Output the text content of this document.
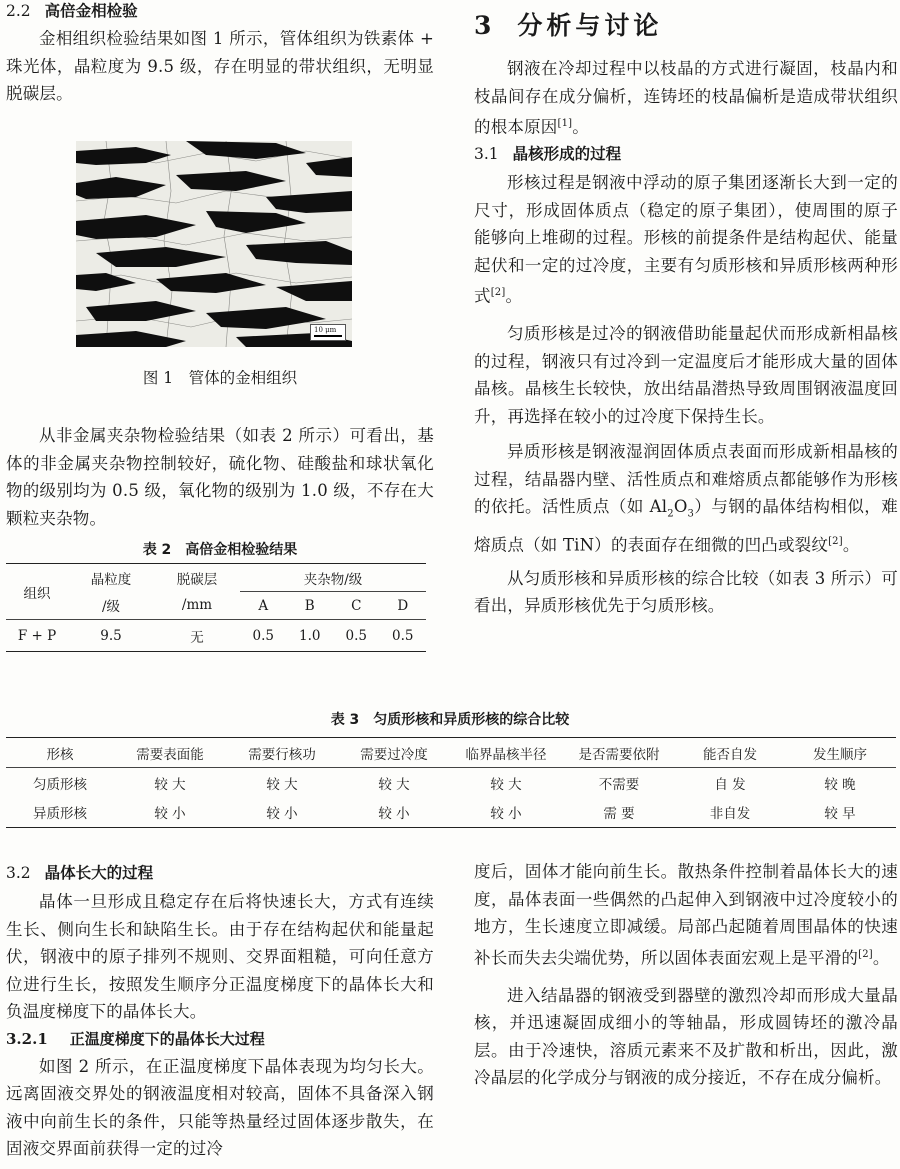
2.2 高倍金相检验

金相组织检验结果如图 1 所示，管体组织为铁素体 + 珠光体，晶粒度为 9.5 级，存在明显的带状组织，无明显脱碳层。

10 μm
图 1　管体的金相组织

从非金属夹杂物检验结果（如表 2 所示）可看出，基体的非金属夹杂物控制较好，硫化物、硅酸盐和球状氧化物的级别均为 0.5 级，氧化物的级别为 1.0 级，不存在大颗粒夹杂物。

表 2　高倍金相检验结果
组织	晶粒度	脱碳层	夹杂物/级			
	/级	/mm	A	B	C	D
F + P	9.5	无	0.5	1.0	0.5	0.5
3 分析与讨论

钢液在冷却过程中以枝晶的方式进行凝固，枝晶内和枝晶间存在成分偏析，连铸坯的枝晶偏析是造成带状组织的根本原因[1]。

3.1 晶核形成的过程

形核过程是钢液中浮动的原子集团逐渐长大到一定的尺寸，形成固体质点（稳定的原子集团），使周围的原子能够向上堆砌的过程。形核的前提条件是结构起伏、能量起伏和一定的过冷度，主要有匀质形核和异质形核两种形式[2]。

匀质形核是过冷的钢液借助能量起伏而形成新相晶核的过程，钢液只有过冷到一定温度后才能形成大量的固体晶核。晶核生长较快，放出结晶潜热导致周围钢液温度回升，再选择在较小的过冷度下保持生长。

异质形核是钢液湿润固体质点表面而形成新相晶核的过程，结晶器内壁、活性质点和难熔质点都能够作为形核的依托。活性质点（如 $Al_2O_3$）与钢的晶体结构相似，难熔质点（如 TiN）的表面存在细微的凹凸或裂纹[2]。

从匀质形核和异质形核的综合比较（如表 3 所示）可看出，异质形核优先于匀质形核。

表 3　匀质形核和异质形核的综合比较
形核	需要表面能	需要行核功	需要过冷度	临界晶核半径	是否需要依附	能否自发	发生顺序
匀质形核	较 大	较 大	较 大	较 大	不需要	自 发	较 晚
异质形核	较 小	较 小	较 小	较 小	需 要	非自发	较 早
3.2 晶体长大的过程

晶体一旦形成且稳定存在后将快速长大，方式有连续生长、侧向生长和缺陷生长。由于存在结构起伏和能量起伏，钢液中的原子排列不规则、交界面粗糙，可向任意方位进行生长，按照发生顺序分正温度梯度下的晶体长大和负温度梯度下的晶体长大。

3.2.1 正温度梯度下的晶体长大过程

如图 2 所示，在正温度梯度下晶体表现为均匀长大。远离固液交界处的钢液温度相对较高，固体不具备深入钢液中向前生长的条件，只能等热量经过固体逐步散失，在固液交界面前获得一定的过冷

度后，固体才能向前生长。散热条件控制着晶体长大的速度，晶体表面一些偶然的凸起伸入到钢液中过冷度较小的地方，生长速度立即减缓。局部凸起随着周围晶体的快速补长而失去尖端优势，所以固体表面宏观上是平滑的[2]。

进入结晶器的钢液受到器壁的激烈冷却而形成大量晶核，并迅速凝固成细小的等轴晶，形成圆铸坯的激冷晶层。由于冷速快，溶质元素来不及扩散和析出，因此，激冷晶层的化学成分与钢液的成分接近，不存在成分偏析。
